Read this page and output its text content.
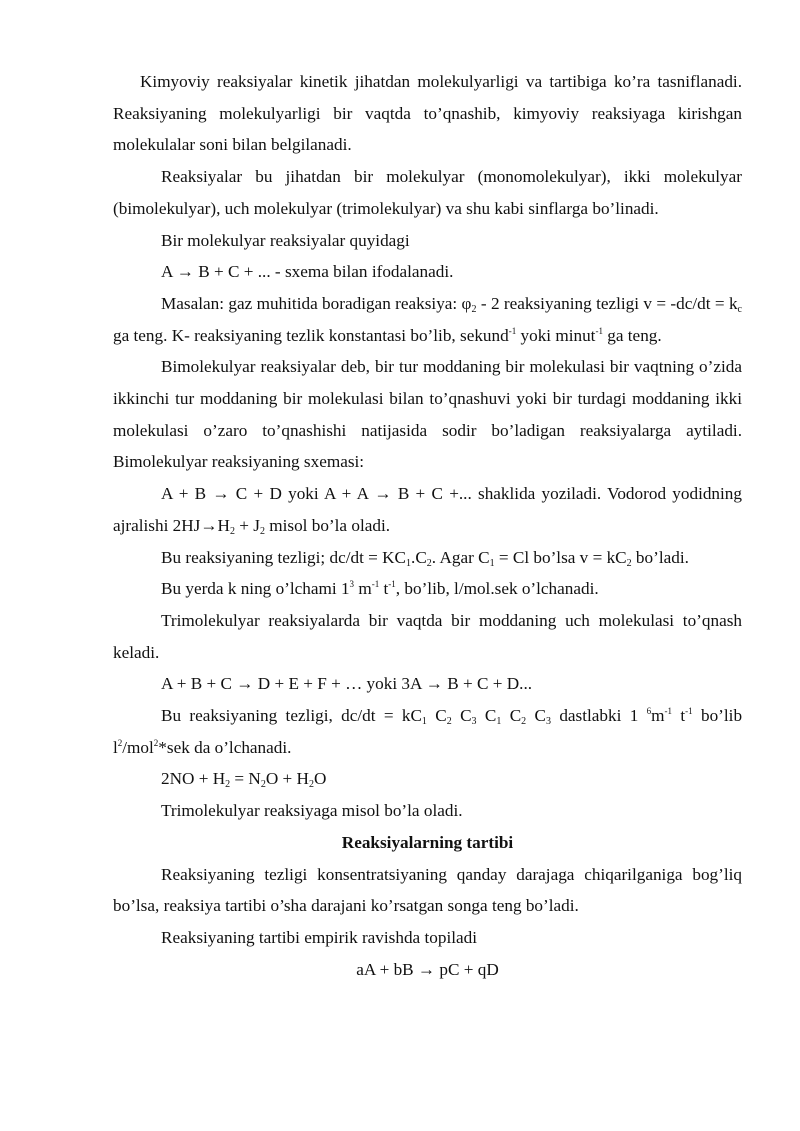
Kimyoviy reaksiyalar kinetik jihatdan molekulyarligi va tartibiga ko’ra tasniflanadi. Reaksiyaning molekulyarligi bir vaqtda to’qnashib, kimyoviy reaksiyaga kirishgan molekulalar soni bilan belgilanadi.

Reaksiyalar bu jihatdan bir molekulyar (monomolekulyar), ikki molekulyar (bimolekulyar), uch molekulyar (trimolekulyar) va shu kabi sinflarga bo’linadi.

Bir molekulyar reaksiyalar quyidagi

A → B + C + ... - sxema bilan ifodalanadi.

Masalan: gaz muhitida boradigan reaksiya: $\varphi_2 - 2$ reaksiyaning tezligi $v = -dc/dt = k_c$ ga teng. K- reaksiyaning tezlik konstantasi bo’lib, sekund$^{-1}$ yoki minut$^{-1}$ ga teng.

Bimolekulyar reaksiyalar deb, bir tur moddaning bir molekulasi bir vaqtning o’zida ikkinchi tur moddaning bir molekulasi bilan to’qnashuvi yoki bir turdagi moddaning ikki molekulasi o’zaro to’qnashishi natijasida sodir bo’ladigan reaksiyalarga aytiladi. Bimolekulyar reaksiyaning sxemasi:

A + B → C + D yoki A + A → B + C +... shaklida yoziladi. Vodorod yodidning ajralishi $2HJ\to H_2 + J_2$ misol bo’la oladi.

Bu reaksiyaning tezligi; $dc/dt = KC_1.C_2$. Agar $C_1 = Cl$ bo’lsa $v = kC_2$ bo’ladi.

Bu yerda k ning o’lchami $1^3$ $m^{-1}$ $t^{-1}$, bo’lib, l/mol.sek o’lchanadi.

Trimolekulyar reaksiyalarda bir vaqtda bir moddaning uch molekulasi to’qnash keladi.

A + B + C → D + E + F + … yoki 3A → B + C + D...

Bu reaksiyaning tezligi, $dc/dt = kC_1$ $C_2$ $C_3$ $C_1$ $C_2$ $C_3$ dastlabki 1 $^6m^{-1}$ $t^{-1}$ bo’lib $l^2/mol^2*sek$ da o’lchanadi.

$2NO + H_2 = N_2O + H_2O$

Trimolekulyar reaksiyaga misol bo’la oladi.

Reaksiyalarning tartibi

Reaksiyaning tezligi konsentratsiyaning qanday darajaga chiqarilganiga bog’liq bo’lsa, reaksiya tartibi o’sha darajani ko’rsatgan songa teng bo’ladi.

Reaksiyaning tartibi empirik ravishda topiladi

aA + bB → pC + qD
